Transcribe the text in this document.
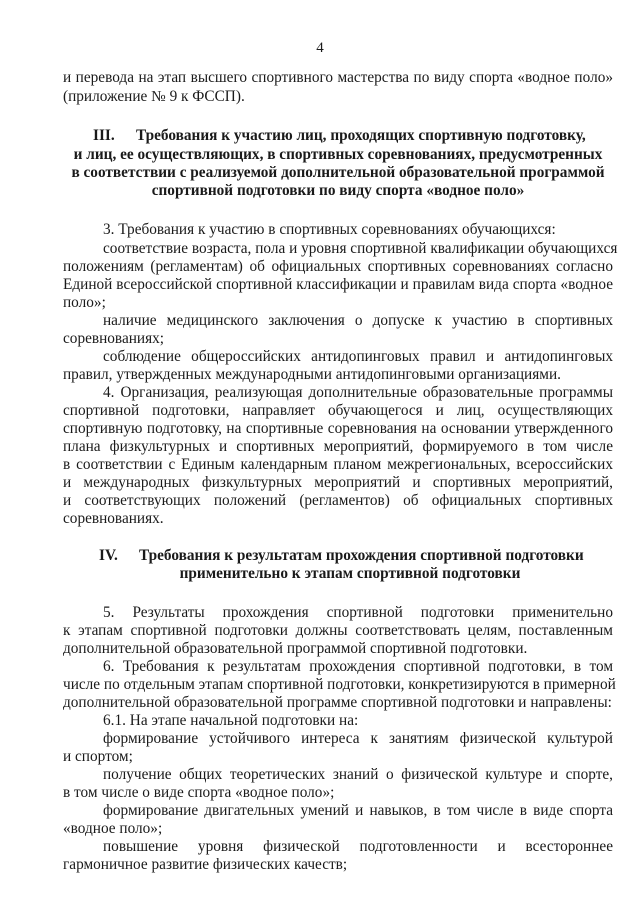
4
и перевода на этап высшего спортивного мастерства по виду спорта «водное поло»
(приложение № 9 к ФССП).
III. Требования к участию лиц, проходящих спортивную подготовку,
и лиц, ее осуществляющих, в спортивных соревнованиях, предусмотренных
в соответствии с реализуемой дополнительной образовательной программой
спортивной подготовки по виду спорта «водное поло»
3. Требования к участию в спортивных соревнованиях обучающихся:
соответствие возраста, пола и уровня спортивной квалификации обучающихся
положениям (регламентам) об официальных спортивных соревнованиях согласно
Единой всероссийской спортивной классификации и правилам вида спорта «водное
поло»;
наличие медицинского заключения о допуске к участию в спортивных
соревнованиях;
соблюдение общероссийских антидопинговых правил и антидопинговых
правил, утвержденных международными антидопинговыми организациями.
4. Организация, реализующая дополнительные образовательные программы
спортивной подготовки, направляет обучающегося и лиц, осуществляющих
спортивную подготовку, на спортивные соревнования на основании утвержденного
плана физкультурных и спортивных мероприятий, формируемого в том числе
в соответствии с Единым календарным планом межрегиональных, всероссийских
и международных физкультурных мероприятий и спортивных мероприятий,
и соответствующих положений (регламентов) об официальных спортивных
соревнованиях.
IV. Требования к результатам прохождения спортивной подготовки
применительно к этапам спортивной подготовки
5. Результаты прохождения спортивной подготовки применительно
к этапам спортивной подготовки должны соответствовать целям, поставленным
дополнительной образовательной программой спортивной подготовки.
6. Требования к результатам прохождения спортивной подготовки, в том
числе по отдельным этапам спортивной подготовки, конкретизируются в примерной
дополнительной образовательной программе спортивной подготовки и направлены:
6.1. На этапе начальной подготовки на:
формирование устойчивого интереса к занятиям физической культурой
и спортом;
получение общих теоретических знаний о физической культуре и спорте,
в том числе о виде спорта «водное поло»;
формирование двигательных умений и навыков, в том числе в виде спорта
«водное поло»;
повышение уровня физической подготовленности и всестороннее
гармоничное развитие физических качеств;
